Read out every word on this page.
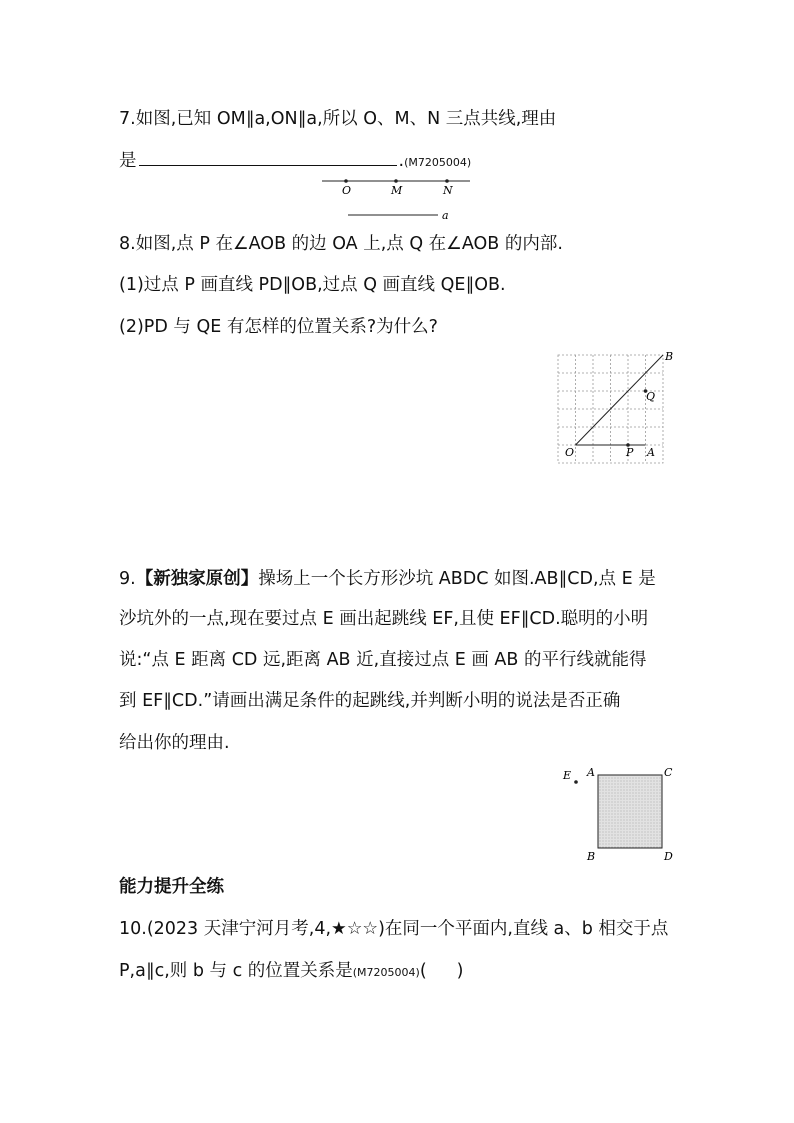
7.如图,已知 OM∥a,ON∥a,所以 O、M、N 三点共线,理由
是	.(M7205004)
O	M	N
a
8.如图,点 P 在∠AOB 的边 OA 上,点 Q 在∠AOB 的内部.
(1)过点 P 画直线 PD∥OB,过点 Q 画直线 QE∥OB.
(2)PD 与 QE 有怎样的位置关系?为什么?
B
Q
O	P A
9.【新独家原创】操场上一个长方形沙坑 ABDC 如图.AB∥CD,点 E 是
沙坑外的一点,现在要过点 E 画出起跳线 EF,且使 EF∥CD.聪明的小明
说:“点 E 距离 CD 远,距离 AB 近,直接过点 E 画 AB 的平行线就能得
到 EF∥CD.”请画出满足条件的起跳线,并判断小明的说法是否正确
给出你的理由.
E A	C
B	D
能力提升全练
10.(2023 天津宁河月考,4,★☆☆)在同一个平面内,直线 a、b 相交于点
P,a∥c,则 b 与 c 的位置关系是(M7205004)( )
